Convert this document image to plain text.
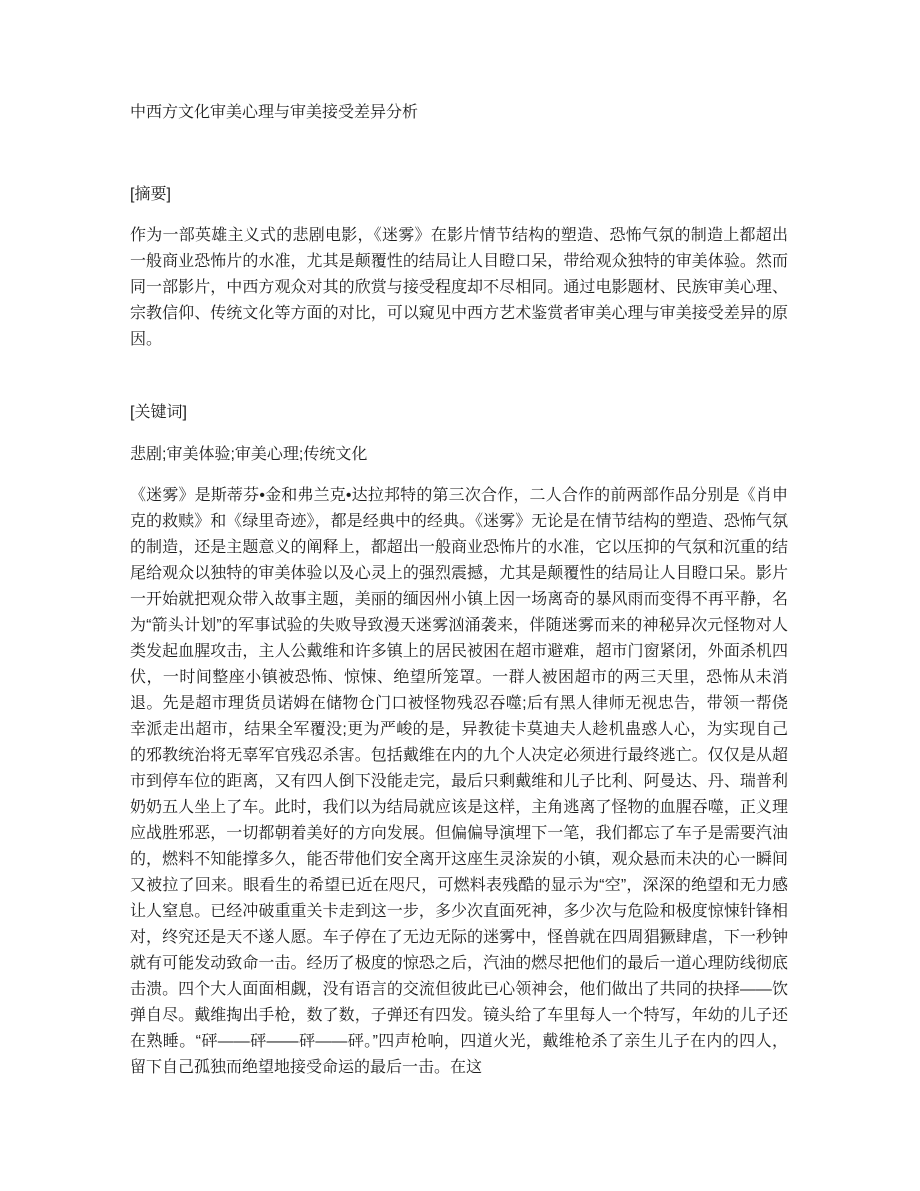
中西方文化审美心理与审美接受差异分析

[摘要]

作为一部英雄主义式的悲剧电影，《迷雾》在影片情节结构的塑造、恐怖气氛的制造上都超出一般商业恐怖片的水准，尤其是颠覆性的结局让人目瞪口呆，带给观众独特的审美体验。然而同一部影片，中西方观众对其的欣赏与接受程度却不尽相同。通过电影题材、民族审美心理、宗教信仰、传统文化等方面的对比，可以窥见中西方艺术鉴赏者审美心理与审美接受差异的原因。

[关键词]

悲剧;审美体验;审美心理;传统文化

《迷雾》是斯蒂芬•金和弗兰克•达拉邦特的第三次合作，二人合作的前两部作品分别是《肖申克的救赎》和《绿里奇迹》，都是经典中的经典。《迷雾》无论是在情节结构的塑造、恐怖气氛的制造，还是主题意义的阐释上，都超出一般商业恐怖片的水准，它以压抑的气氛和沉重的结尾给观众以独特的审美体验以及心灵上的强烈震撼，尤其是颠覆性的结局让人目瞪口呆。影片一开始就把观众带入故事主题，美丽的缅因州小镇上因一场离奇的暴风雨而变得不再平静，名为“箭头计划”的军事试验的失败导致漫天迷雾汹涌袭来，伴随迷雾而来的神秘异次元怪物对人类发起血腥攻击，主人公戴维和许多镇上的居民被困在超市避难，超市门窗紧闭，外面杀机四伏，一时间整座小镇被恐怖、惊悚、绝望所笼罩。一群人被困超市的两三天里，恐怖从未消退。先是超市理货员诺姆在储物仓门口被怪物残忍吞噬;后有黑人律师无视忠告，带领一帮侥幸派走出超市，结果全军覆没;更为严峻的是，异教徒卡莫迪夫人趁机蛊惑人心，为实现自己的邪教统治将无辜军官残忍杀害。包括戴维在内的九个人决定必须进行最终逃亡。仅仅是从超市到停车位的距离，又有四人倒下没能走完，最后只剩戴维和儿子比利、阿曼达、丹、瑞普利奶奶五人坐上了车。此时，我们以为结局就应该是这样，主角逃离了怪物的血腥吞噬，正义理应战胜邪恶，一切都朝着美好的方向发展。但偏偏导演埋下一笔，我们都忘了车子是需要汽油的，燃料不知能撑多久，能否带他们安全离开这座生灵涂炭的小镇，观众悬而未决的心一瞬间又被拉了回来。眼看生的希望已近在咫尺，可燃料表残酷的显示为“空”，深深的绝望和无力感让人窒息。已经冲破重重关卡走到这一步，多少次直面死神，多少次与危险和极度惊悚针锋相对，终究还是天不遂人愿。车子停在了无边无际的迷雾中，怪兽就在四周猖獗肆虐，下一秒钟就有可能发动致命一击。经历了极度的惊恐之后，汽油的燃尽把他们的最后一道心理防线彻底击溃。四个大人面面相觑，没有语言的交流但彼此已心领神会，他们做出了共同的抉择——饮弹自尽。戴维掏出手枪，数了数，子弹还有四发。镜头给了车里每人一个特写，年幼的儿子还在熟睡。“砰——砰——砰——砰。”四声枪响，四道火光，戴维枪杀了亲生儿子在内的四人，留下自己孤独而绝望地接受命运的最后一击。在这
